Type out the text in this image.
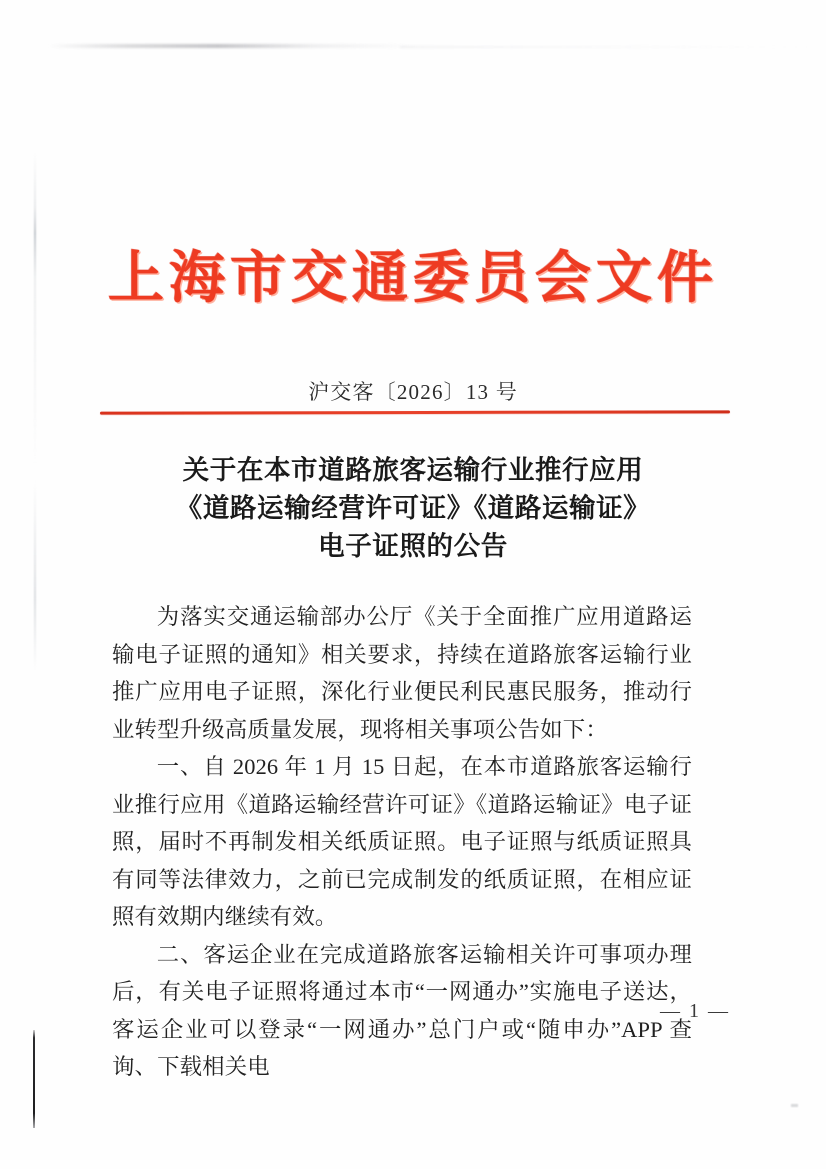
上海市交通委员会文件
沪交客〔2026〕13 号
关于在本市道路旅客运输行业推行应用
《道路运输经营许可证》《道路运输证》
电子证照的公告

为落实交通运输部办公厅《关于全面推广应用道路运输电子证照的通知》相关要求，持续在道路旅客运输行业推广应用电子证照，深化行业便民利民惠民服务，推动行业转型升级高质量发展，现将相关事项公告如下：

一、自 2026 年 1 月 15 日起，在本市道路旅客运输行业推行应用《道路运输经营许可证》《道路运输证》电子证照，届时不再制发相关纸质证照。电子证照与纸质证照具有同等法律效力，之前已完成制发的纸质证照，在相应证照有效期内继续有效。

二、客运企业在完成道路旅客运输相关许可事项办理后，有关电子证照将通过本市“一网通办”实施电子送达，客运企业可以登录“一网通办”总门户或“随申办”APP 查询、下载相关电

— 1 —
